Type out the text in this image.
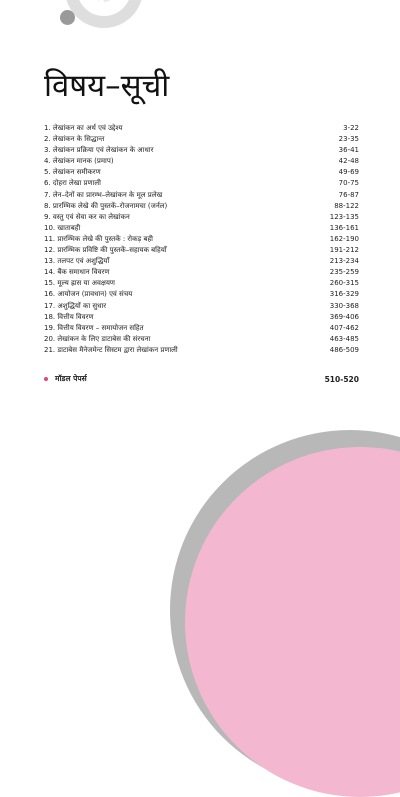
विषय–सूची
1. लेखांकन का अर्थ एवं उद्देश्य	3-22
2. लेखांकन के सिद्धान्त	23-35
3. लेखांकन प्रक्रिया एवं लेखांकन के आधार	36-41
4. लेखांकन मानक (प्रमाप)	42-48
5. लेखांकन समीकरण	49-69
6. दोहरा लेखा प्रणाली	70-75
7. लेन–देनों का प्रारम्भ–लेखांकन के मूल प्रलेख	76-87
8. प्रारम्भिक लेखे की पुस्तकें–रोजनामचा (जर्नल)	88-122
9. वस्तु एवं सेवा कर का लेखांकन	123-135
10. खाताबही	136-161
11. प्रारम्भिक लेखे की पुस्तकें : रोकड़ बही	162-190
12. प्रारम्भिक प्रविष्टि की पुस्तकें–सहायक बहियाँ	191-212
13. तलपट एवं अशुद्धियाँ	213-234
14. बैंक समाधान विवरण	235-259
15. मूल्य ह्रास या अवक्षयण	260-315
16. आयोजन (प्रावधान) एवं संचय	316-329
17. अशुद्धियों का सुधार	330-368
18. वित्तीय विवरण	369-406
19. वित्तीय विवरण – समायोजन सहित	407-462
20. लेखांकन के लिए डाटाबेस की संरचना	463-485
21. डाटाबेस मैनेजमेन्ट सिस्टम द्वारा लेखांकन प्रणाली	486-509
मॉडल पेपर्स	510-520
